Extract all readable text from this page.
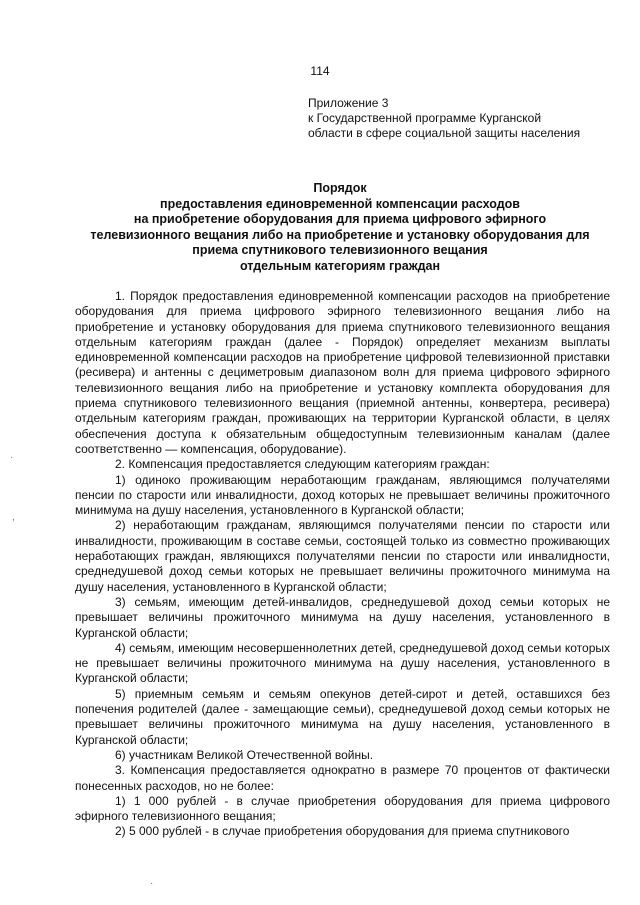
114
Приложение 3
к Государственной программе Курганской
области в сфере социальной защиты населения
Порядок
предоставления единовременной компенсации расходов
на приобретение оборудования для приема цифрового эфирного
телевизионного вещания либо на приобретение и установку оборудования для
приема спутникового телевизионного вещания
отдельным категориям граждан

1. Порядок предоставления единовременной компенсации расходов на приобретение оборудования для приема цифрового эфирного телевизионного вещания либо на приобретение и установку оборудования для приема спутникового телевизионного вещания отдельным категориям граждан (далее - Порядок) определяет механизм выплаты единовременной компенсации расходов на приобретение цифровой телевизионной приставки (ресивера) и антенны с дециметровым диапазоном волн для приема цифрового эфирного телевизионного вещания либо на приобретение и установку комплекта оборудования для приема спутникового телевизионного вещания (приемной антенны, конвертера, ресивера) отдельным категориям граждан, проживающих на территории Курганской области, в целях обеспечения доступа к обязательным общедоступным телевизионным каналам (далее соответственно — компенсация, оборудование).

2. Компенсация предоставляется следующим категориям граждан:

1) одиноко проживающим неработающим гражданам, являющимся получателями пенсии по старости или инвалидности, доход которых не превышает величины прожиточного минимума на душу населения, установленного в Курганской области;

2) неработающим гражданам, являющимся получателями пенсии по старости или инвалидности, проживающим в составе семьи, состоящей только из совместно проживающих неработающих граждан, являющихся получателями пенсии по старости или инвалидности, среднедушевой доход семьи которых не превышает величины прожиточного минимума на душу населения, установленного в Курганской области;

3) семьям, имеющим детей-инвалидов, среднедушевой доход семьи которых не превышает величины прожиточного минимума на душу населения, установленного в Курганской области;

4) семьям, имеющим несовершеннолетних детей, среднедушевой доход семьи которых не превышает величины прожиточного минимума на душу населения, установленного в Курганской области;

5) приемным семьям и семьям опекунов детей-сирот и детей, оставшихся без попечения родителей (далее - замещающие семьи), среднедушевой доход семьи которых не превышает величины прожиточного минимума на душу населения, установленного в Курганской области;

6) участникам Великой Отечественной войны.

3. Компенсация предоставляется однократно в размере 70 процентов от фактически понесенных расходов, но не более:

1) 1 000 рублей - в случае приобретения оборудования для приема цифрового эфирного телевизионного вещания;

2) 5 000 рублей - в случае приобретения оборудования для приема спутникового

·
,
·
